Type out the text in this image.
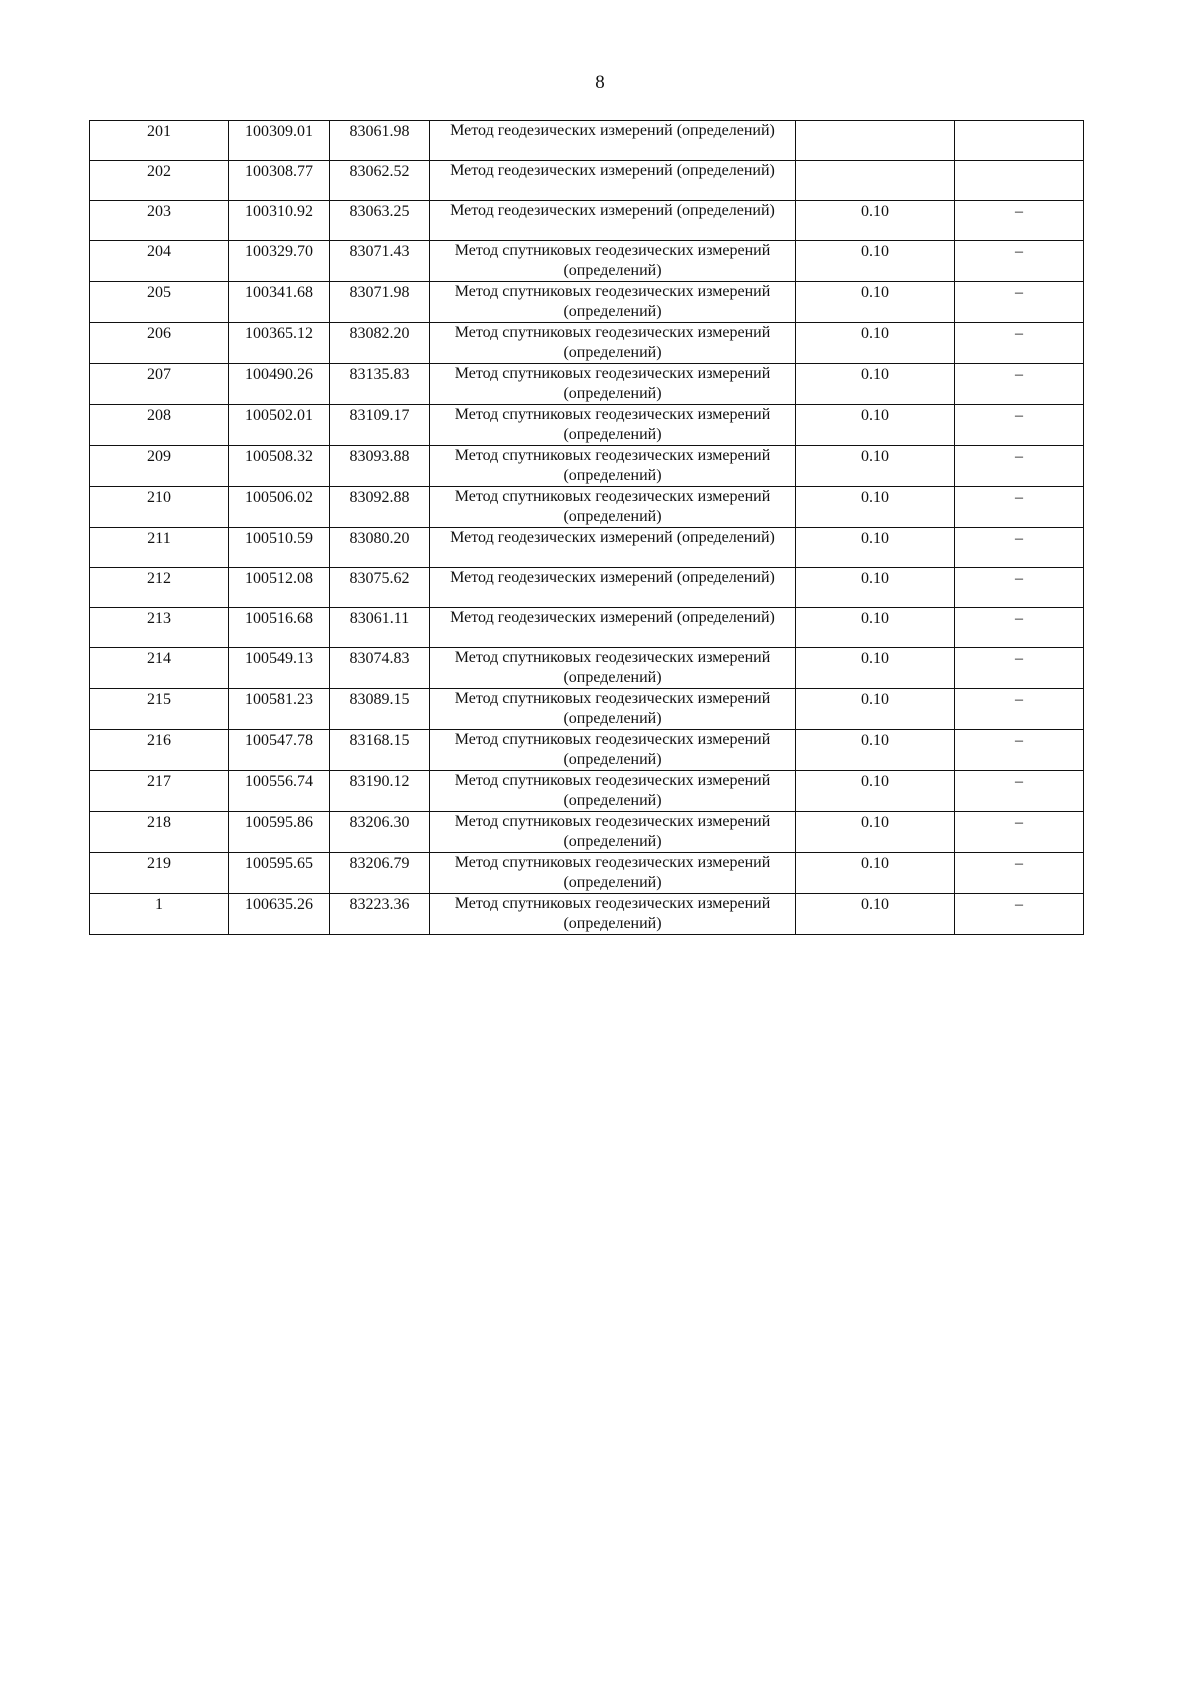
8
201	100309.01	83061.98	Метод геодезических измерений (определений)		
202	100308.77	83062.52	Метод геодезических измерений (определений)		
203	100310.92	83063.25	Метод геодезических измерений (определений)	0.10	–
204	100329.70	83071.43	Метод спутниковых геодезических измерений (определений)	0.10	–
205	100341.68	83071.98	Метод спутниковых геодезических измерений (определений)	0.10	–
206	100365.12	83082.20	Метод спутниковых геодезических измерений (определений)	0.10	–
207	100490.26	83135.83	Метод спутниковых геодезических измерений (определений)	0.10	–
208	100502.01	83109.17	Метод спутниковых геодезических измерений (определений)	0.10	–
209	100508.32	83093.88	Метод спутниковых геодезических измерений (определений)	0.10	–
210	100506.02	83092.88	Метод спутниковых геодезических измерений (определений)	0.10	–
211	100510.59	83080.20	Метод геодезических измерений (определений)	0.10	–
212	100512.08	83075.62	Метод геодезических измерений (определений)	0.10	–
213	100516.68	83061.11	Метод геодезических измерений (определений)	0.10	–
214	100549.13	83074.83	Метод спутниковых геодезических измерений (определений)	0.10	–
215	100581.23	83089.15	Метод спутниковых геодезических измерений (определений)	0.10	–
216	100547.78	83168.15	Метод спутниковых геодезических измерений (определений)	0.10	–
217	100556.74	83190.12	Метод спутниковых геодезических измерений (определений)	0.10	–
218	100595.86	83206.30	Метод спутниковых геодезических измерений (определений)	0.10	–
219	100595.65	83206.79	Метод спутниковых геодезических измерений (определений)	0.10	–
1	100635.26	83223.36	Метод спутниковых геодезических измерений (определений)	0.10	–
